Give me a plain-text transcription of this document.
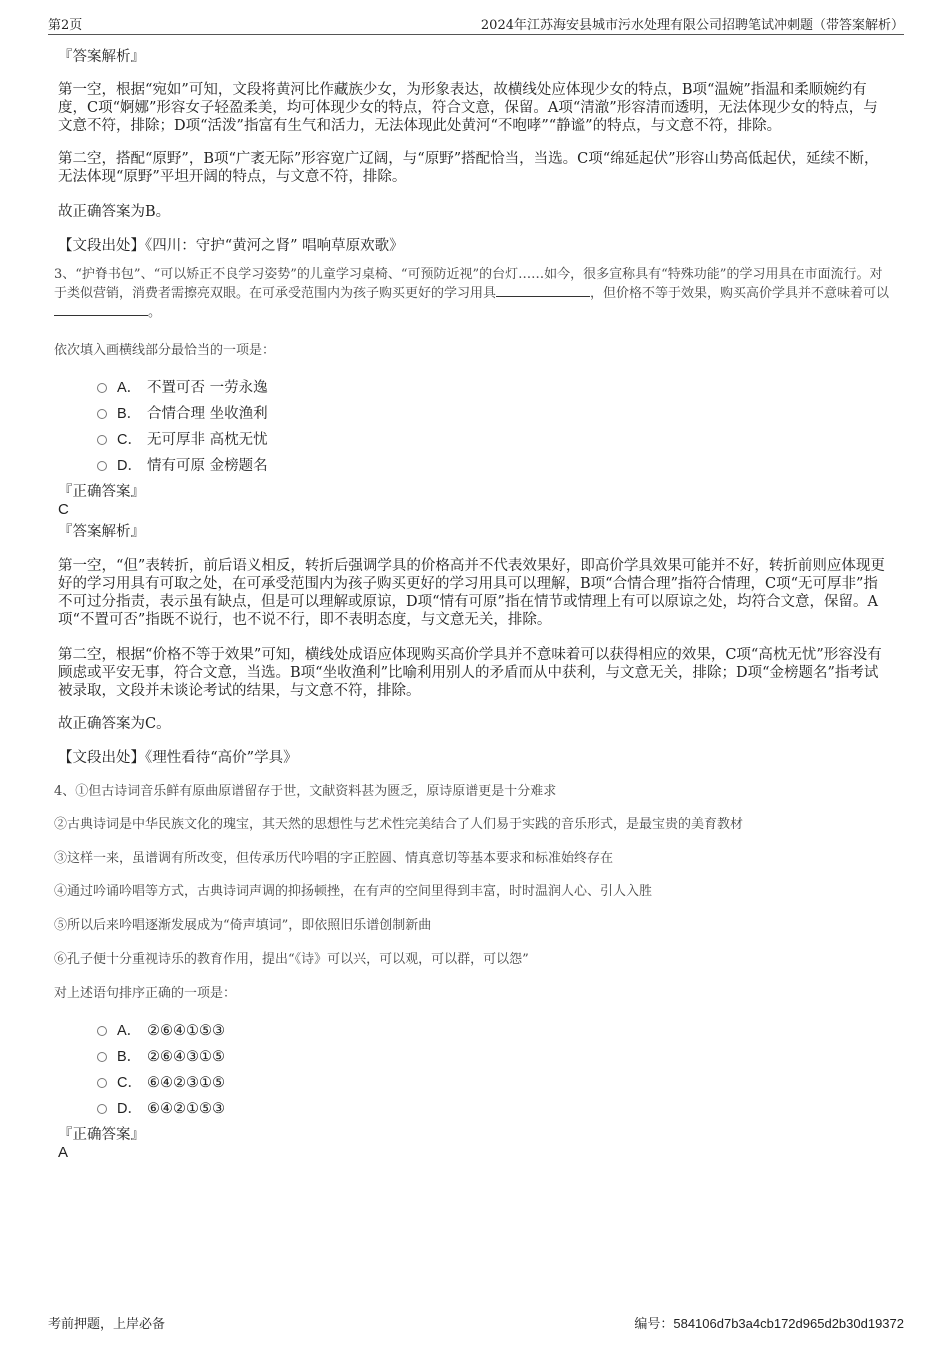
第2页	2024年江苏海安县城市污水处理有限公司招聘笔试冲刺题（带答案解析）
『答案解析』
第一空，根据“宛如”可知，文段将黄河比作藏族少女，为形象表达，故横线处应体现少女的特点，B项“温婉”指温和柔顺婉约有度，C项“婀娜”形容女子轻盈柔美，均可体现少女的特点，符合文意，保留。A项“清澈”形容清而透明，无法体现少女的特点，与文意不符，排除；D项“活泼”指富有生气和活力，无法体现此处黄河“不咆哮”“静谧”的特点，与文意不符，排除。
第二空，搭配“原野”，B项“广袤无际”形容宽广辽阔，与“原野”搭配恰当，当选。C项“绵延起伏”形容山势高低起伏，延续不断，无法体现“原野”平坦开阔的特点，与文意不符，排除。
故正确答案为B。
【文段出处】《四川：守护“黄河之肾” 唱响草原欢歌》
3、“护脊书包”、“可以矫正不良学习姿势”的儿童学习桌椅、“可预防近视”的台灯……如今，很多宣称具有“特殊功能”的学习用具在市面流行。对于类似营销，消费者需擦亮双眼。在可承受范围内为孩子购买更好的学习用具	，但价格不等于效果，购买高价学具并不意味着可以。
依次填入画横线部分最恰当的一项是：
A． 不置可否 一劳永逸
B． 合情合理 坐收渔利
C． 无可厚非 高枕无忧
D． 情有可原 金榜题名
『正确答案』
C
『答案解析』
第一空，“但”表转折，前后语义相反，转折后强调学具的价格高并不代表效果好，即高价学具效果可能并不好，转折前则应体现更好的学习用具有可取之处，在可承受范围内为孩子购买更好的学习用具可以理解，B项“合情合理”指符合情理，C项“无可厚非”指不可过分指责，表示虽有缺点，但是可以理解或原谅，D项“情有可原”指在情节或情理上有可以原谅之处，均符合文意，保留。A项“不置可否”指既不说行，也不说不行，即不表明态度，与文意无关，排除。
第二空，根据“价格不等于效果”可知，横线处成语应体现购买高价学具并不意味着可以获得相应的效果，C项“高枕无忧”形容没有顾虑或平安无事，符合文意，当选。B项“坐收渔利”比喻利用别人的矛盾而从中获利，与文意无关，排除；D项“金榜题名”指考试被录取，文段并未谈论考试的结果，与文意不符，排除。
故正确答案为C。
【文段出处】《理性看待“高价”学具》
4、①但古诗词音乐鲜有原曲原谱留存于世，文献资料甚为匮乏，原诗原谱更是十分难求
②古典诗词是中华民族文化的瑰宝，其天然的思想性与艺术性完美结合了人们易于实践的音乐形式，是最宝贵的美育教材
③这样一来，虽谱调有所改变，但传承历代吟唱的字正腔圆、情真意切等基本要求和标准始终存在
④通过吟诵吟唱等方式，古典诗词声调的抑扬顿挫，在有声的空间里得到丰富，时时温润人心、引人入胜
⑤所以后来吟唱逐渐发展成为“倚声填词”，即依照旧乐谱创制新曲
⑥孔子便十分重视诗乐的教育作用，提出“《诗》可以兴，可以观，可以群，可以怨”
对上述语句排序正确的一项是：
A． ②⑥④①⑤③
B． ②⑥④③①⑤
C． ⑥④②③①⑤
D． ⑥④②①⑤③
『正确答案』
A
考前押题，上岸必备	编号：584106d7b3a4cb172d965d2b30d19372
